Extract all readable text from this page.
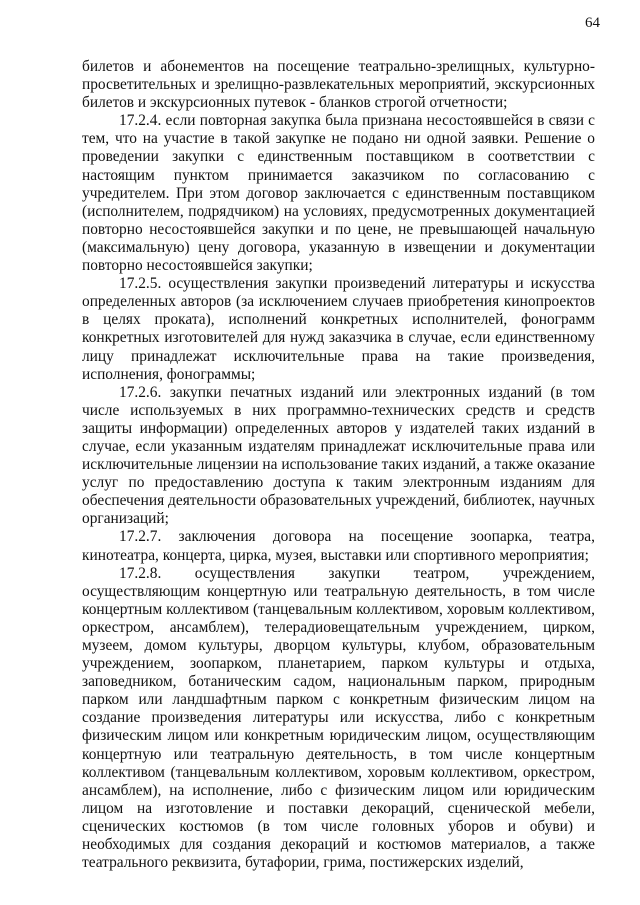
64

билетов и абонементов на посещение театрально-зрелищных, культурно-просветительных и зрелищно-развлекательных мероприятий, экскурсионных билетов и экскурсионных путевок - бланков строгой отчетности;

17.2.4. если повторная закупка была признана несостоявшейся в связи с тем, что на участие в такой закупке не подано ни одной заявки. Решение о проведении закупки с единственным поставщиком в соответствии с настоящим пунктом принимается заказчиком по согласованию с учредителем. При этом договор заключается с единственным поставщиком (исполнителем, подрядчиком) на условиях, предусмотренных документацией повторно несостоявшейся закупки и по цене, не превышающей начальную (максимальную) цену договора, указанную в извещении и документации повторно несостоявшейся закупки;

17.2.5. осуществления закупки произведений литературы и искусства определенных авторов (за исключением случаев приобретения кинопроектов в целях проката), исполнений конкретных исполнителей, фонограмм конкретных изготовителей для нужд заказчика в случае, если единственному лицу принадлежат исключительные права на такие произведения, исполнения, фонограммы;

17.2.6. закупки печатных изданий или электронных изданий (в том числе используемых в них программно-технических средств и средств защиты информации) определенных авторов у издателей таких изданий в случае, если указанным издателям принадлежат исключительные права или исключительные лицензии на использование таких изданий, а также оказание услуг по предоставлению доступа к таким электронным изданиям для обеспечения деятельности образовательных учреждений, библиотек, научных организаций;

17.2.7. заключения договора на посещение зоопарка, театра, кинотеатра, концерта, цирка, музея, выставки или спортивного мероприятия;

17.2.8. осуществления закупки театром, учреждением, осуществляющим концертную или театральную деятельность, в том числе концертным коллективом (танцевальным коллективом, хоровым коллективом, оркестром, ансамблем), телерадиовещательным учреждением, цирком, музеем, домом культуры, дворцом культуры, клубом, образовательным учреждением, зоопарком, планетарием, парком культуры и отдыха, заповедником, ботаническим садом, национальным парком, природным парком или ландшафтным парком с конкретным физическим лицом на создание произведения литературы или искусства, либо с конкретным физическим лицом или конкретным юридическим лицом, осуществляющим концертную или театральную деятельность, в том числе концертным коллективом (танцевальным коллективом, хоровым коллективом, оркестром, ансамблем), на исполнение, либо с физическим лицом или юридическим лицом на изготовление и поставки декораций, сценической мебели, сценических костюмов (в том числе головных уборов и обуви) и необходимых для создания декораций и костюмов материалов, а также театрального реквизита, бутафории, грима, постижерских изделий,
